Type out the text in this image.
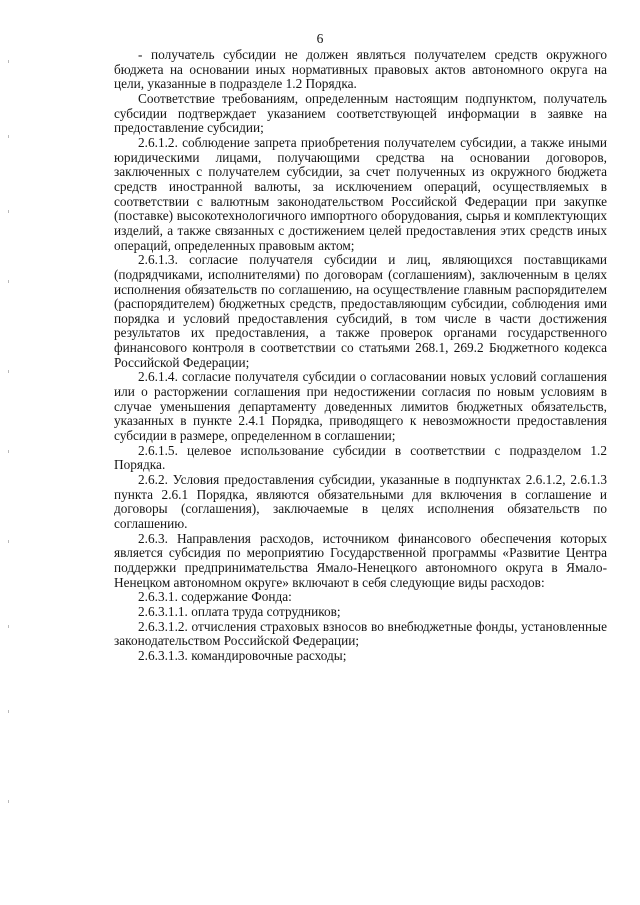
6

- получатель субсидии не должен являться получателем средств окружного бюджета на основании иных нормативных правовых актов автономного округа на цели, указанные в подразделе 1.2 Порядка.

Соответствие требованиям, определенным настоящим подпунктом, получатель субсидии подтверждает указанием соответствующей информации в заявке на предоставление субсидии;

2.6.1.2. соблюдение запрета приобретения получателем субсидии, а также иными юридическими лицами, получающими средства на основании договоров, заключенных с получателем субсидии, за счет полученных из окружного бюджета средств иностранной валюты, за исключением операций, осуществляемых в соответствии с валютным законодательством Российской Федерации при закупке (поставке) высокотехнологичного импортного оборудования, сырья и комплектующих изделий, а также связанных с достижением целей предоставления этих средств иных операций, определенных правовым актом;

2.6.1.3. согласие получателя субсидии и лиц, являющихся поставщиками (подрядчиками, исполнителями) по договорам (соглашениям), заключенным в целях исполнения обязательств по соглашению, на осуществление главным распорядителем (распорядителем) бюджетных средств, предоставляющим субсидии, соблюдения ими порядка и условий предоставления субсидий, в том числе в части достижения результатов их предоставления, а также проверок органами государственного финансового контроля в соответствии со статьями 268.1, 269.2 Бюджетного кодекса Российской Федерации;

2.6.1.4. согласие получателя субсидии о согласовании новых условий соглашения или о расторжении соглашения при недостижении согласия по новым условиям в случае уменьшения департаменту доведенных лимитов бюджетных обязательств, указанных в пункте 2.4.1 Порядка, приводящего к невозможности предоставления субсидии в размере, определенном в соглашении;

2.6.1.5. целевое использование субсидии в соответствии с подразделом 1.2 Порядка.

2.6.2. Условия предоставления субсидии, указанные в подпунктах 2.6.1.2, 2.6.1.3 пункта 2.6.1 Порядка, являются обязательными для включения в соглашение и договоры (соглашения), заключаемые в целях исполнения обязательств по соглашению.

2.6.3. Направления расходов, источником финансового обеспечения которых является субсидия по мероприятию Государственной программы «Развитие Центра поддержки предпринимательства Ямало-Ненецкого автономного округа в Ямало-Ненецком автономном округе» включают в себя следующие виды расходов:

2.6.3.1. содержание Фонда:

2.6.3.1.1. оплата труда сотрудников;

2.6.3.1.2. отчисления страховых взносов во внебюджетные фонды, установленные законодательством Российской Федерации;

2.6.3.1.3. командировочные расходы;
